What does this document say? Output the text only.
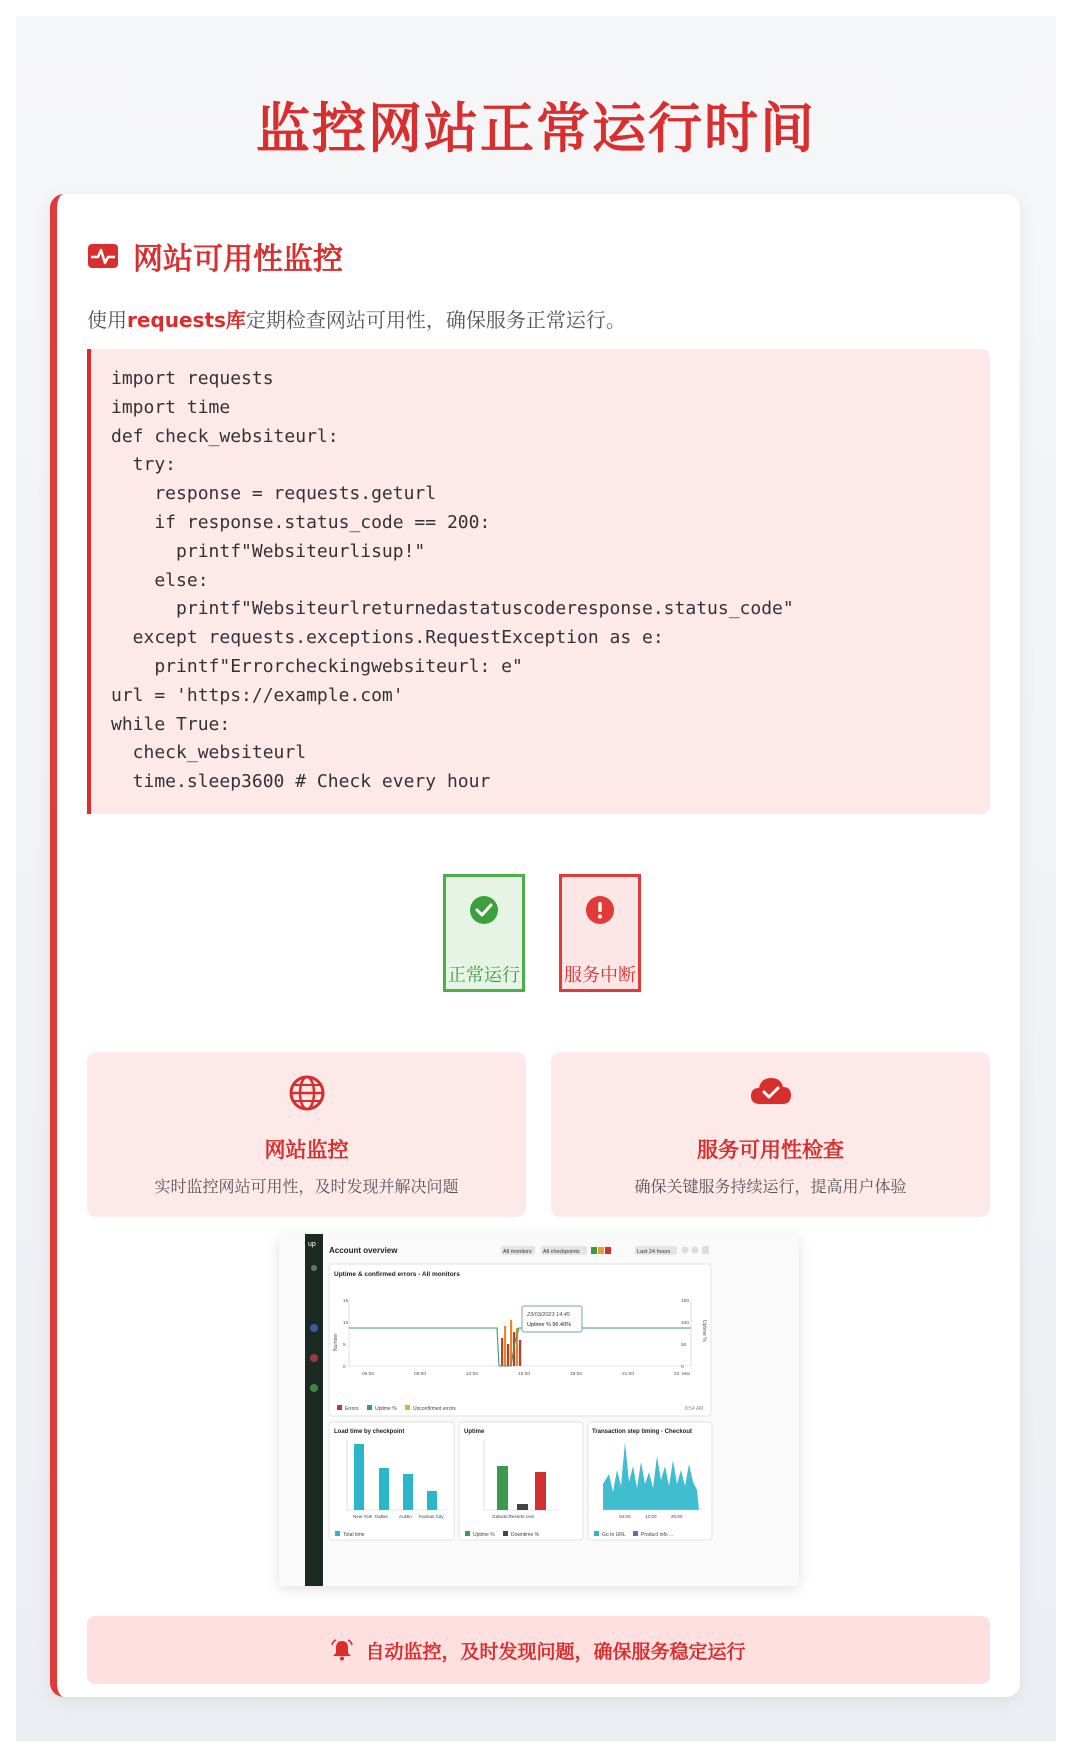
监控网站正常运行时间
网站可用性监控
使用requests库定期检查网站可用性，确保服务正常运行。
import requests
import time
def check_websiteurl:
try:
response = requests.geturl
if response.status_code == 200:
printf"Websiteurlisup!"
else:
printf"Websiteurlreturnedastatuscoderesponse.status_code"
except requests.exceptions.RequestException as e:
printf"Errorcheckingwebsiteurl: e"
url = 'https://example.com'
while True:
check_websiteurl
time.sleep3600 # Check every hour
正常运行 服务中断
网站监控
实时监控网站可用性，及时发现并解决问题
服务可用性检查
确保关键服务持续运行，提高用户体验
up
Account overview	All monitors All checkpoints	Last 24 hours
Uptime & confirmed errors - All monitors
15
10
5
0
150
100
50
0
06:00	09:00	12:00	15:00	18:00	21:00	22. Mar
Number
Uptime %
23/03/2023 14:45
Uptime % 96.40%
Errors	Uptime %	Unconfirmed errors	8:54 AM
Load time by checkpoint
New York Dallas Austin Kansas City
Total time
Uptime
GalacticResorts.com
Uptime %	Downtime %
Transaction step timing - Checkout
04:00	12:00	20:00
Go to URL	Product info ...
自动监控，及时发现问题，确保服务稳定运行
